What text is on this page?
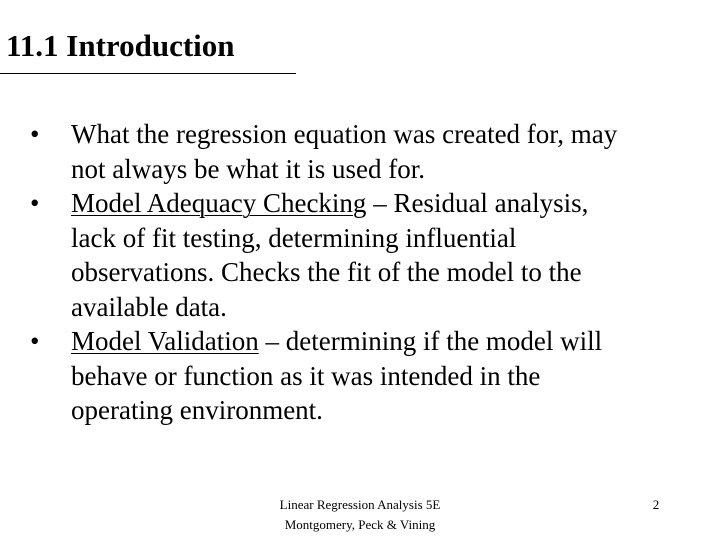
11.1 Introduction
• What the regression equation was created for, may not always be what it is used for.
• Model Adequacy Checking – Residual analysis, lack of fit testing, determining influential observations. Checks the fit of the model to the available data.
• Model Validation – determining if the model will behave or function as it was intended in the operating environment.
Linear Regression Analysis 5E
Montgomery, Peck & Vining
2
